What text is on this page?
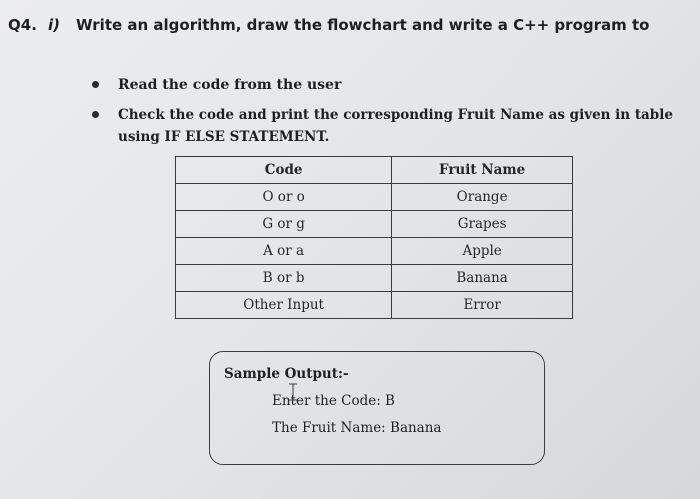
Q4. i) Write an algorithm, draw the flowchart and write a C++ program to
Read the code from the user
Check the code and print the corresponding Fruit Name as given in table using IF ELSE STATEMENT.
Code	Fruit Name
O or o	Orange
G or g	Grapes
A or a	Apple
B or b	Banana
Other Input	Error
Sample Output:-
Enter the Code: B
The Fruit Name: Banana
